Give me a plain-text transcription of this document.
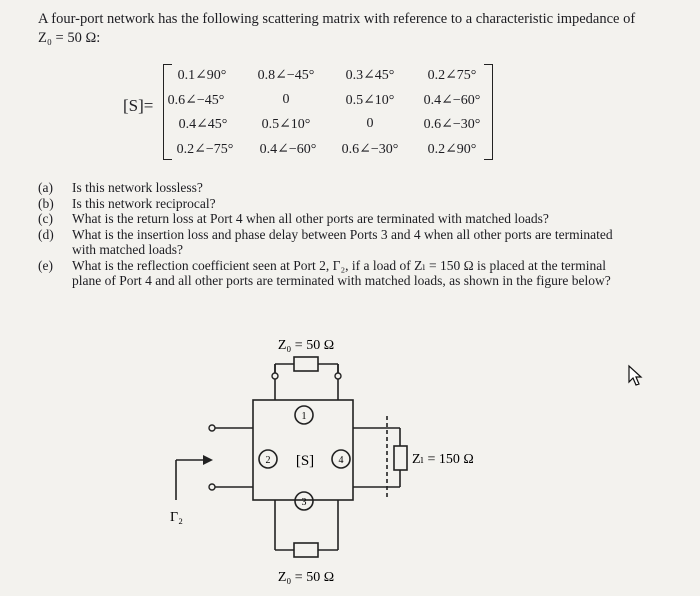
A four-port network has the following scattering matrix with reference to a characteristic impedance of Z₀ = 50 Ω:
[S]=
0.1∠90° 0.8∠−45° 0.3∠45° 0.2∠75°
0.6∠−45°	0	0.5∠10° 0.4∠−60°
0.4∠45° 0.5∠10°	0	0.6∠−30°
0.2∠−75° 0.4∠−60° 0.6∠−30° 0.2∠90°
(a)	Is this network lossless?
(b)	Is this network reciprocal?
(c)	What is the return loss at Port 4 when all other ports are terminated with matched loads?
(d)	What is the insertion loss and phase delay between Ports 3 and 4 when all other ports are terminated with matched loads?
(e)	What is the reflection coefficient seen at Port 2, Γ₂, if a load of Zₗ = 150 Ω is placed at the terminal plane of Port 4 and all other ports are terminated with matched loads, as shown in the figure below?
Z₀ = 50 Ω
Z₀ = 50 Ω
Zₗ = 150 Ω
[S]
Γ₂
1
2
3
4
